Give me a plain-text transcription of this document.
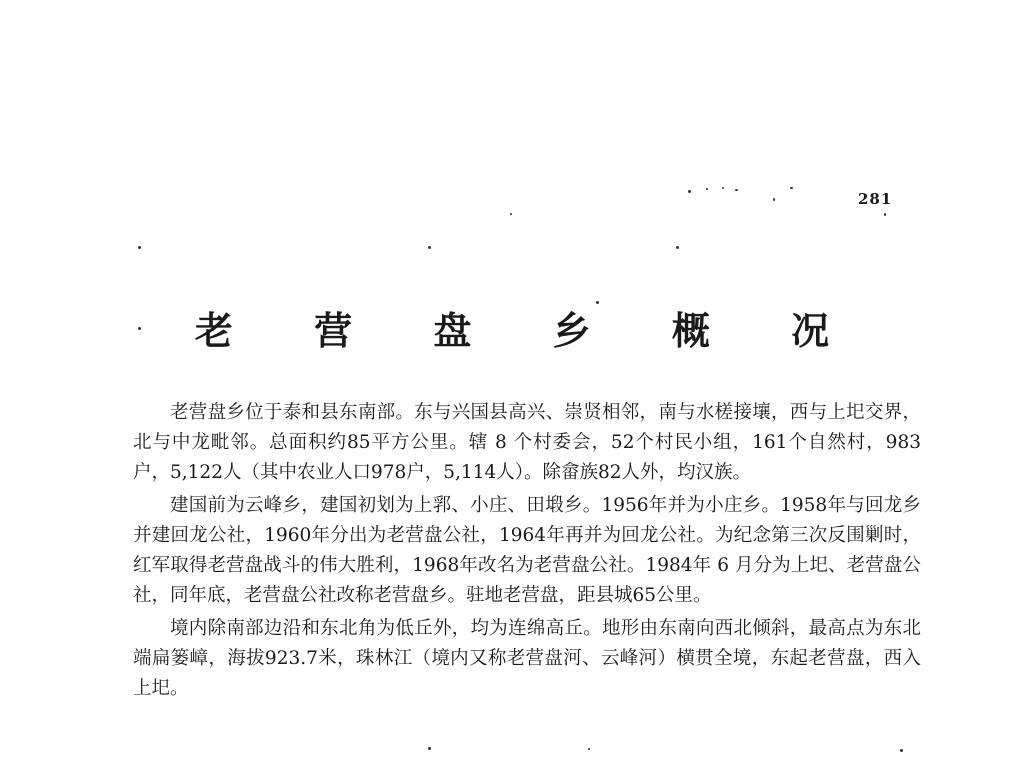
281
老 营 盘 乡 概 况

老营盘乡位于泰和县东南部。东与兴国县高兴、崇贤相邻，南与水槎接壤，西与上圯交界，北与中龙毗邻。总面积约85平方公里。辖 8 个村委会，52个村民小组，161个自然村，983户，5,122人（其中农业人口978户，5,114人）。除畲族82人外，均汉族。

建国前为云峰乡，建国初划为上郛、小庄、田塅乡。1956年并为小庄乡。1958年与回龙乡并建回龙公社，1960年分出为老营盘公社，1964年再并为回龙公社。为纪念第三次反围剿时，红军取得老营盘战斗的伟大胜利，1968年改名为老营盘公社。1984年 6 月分为上圯、老营盘公社，同年底，老营盘公社改称老营盘乡。驻地老营盘，距县城65公里。

境内除南部边沿和东北角为低丘外，均为连绵高丘。地形由东南向西北倾斜，最高点为东北端扁篓嶂，海拔923.7米，珠林江（境内又称老营盘河、云峰河）横贯全境，东起老营盘，西入上圯。
